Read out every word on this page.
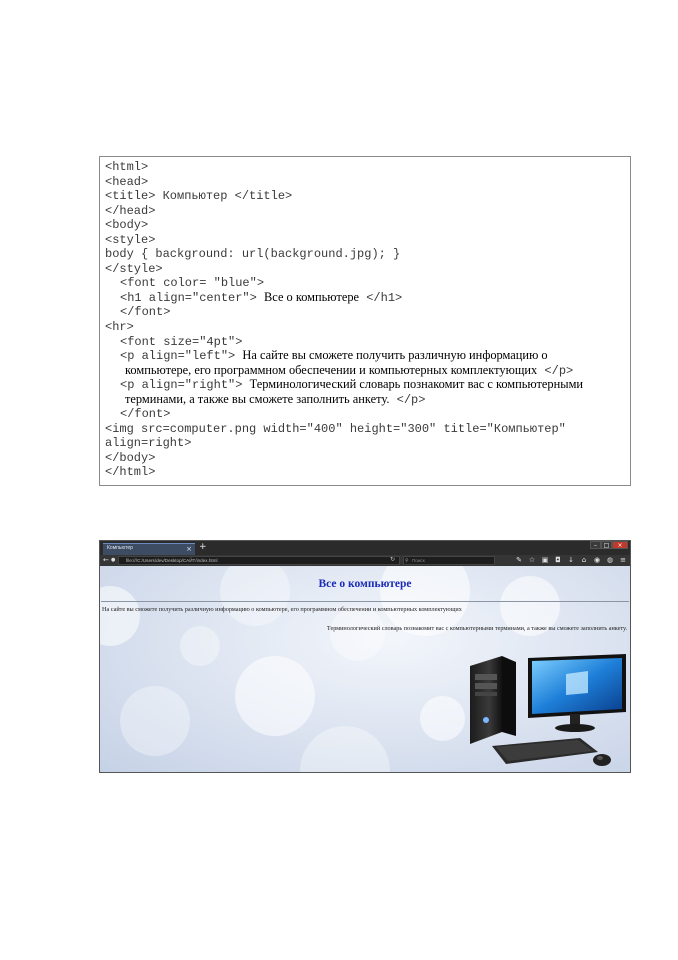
<html>
<head>
<title> Компьютер </title>
</head>
<body>
<style>
body { background: url(background.jpg); }
</style>
<font color= "blue">
<h1 align="center"> Все о компьютере </h1>
</font>
<hr>
<font size="4pt">
<p align="left"> На сайте вы сможете получить различную информацию о
компьютере, его программном обеспечении и компьютерных комплектующих </p>
<p align="right"> Терминологический словарь познакомит вас с компьютерными
терминами, а также вы сможете заполнить анкету. </p>
</font>
<img src=computer.png width="400" height="300" title="Компьютер"
align=right>
</body>
</html>
Компьютер	× +	–	□	×
← ● file:///C:/Users/dev/Desktop/САЙТ/index.html	↻ ⚲ Поиск	✎ ☆ ▣ ◘	↓	⌂	◉ ◍ ≡
Все о компьютере

На сайте вы сможете получить различную информацию о компьютере, его программном обеспечении и компьютерных комплектующих

Терминологический словарь познакомит вас с компьютерными терминами, а также вы сможете заполнить анкету.
